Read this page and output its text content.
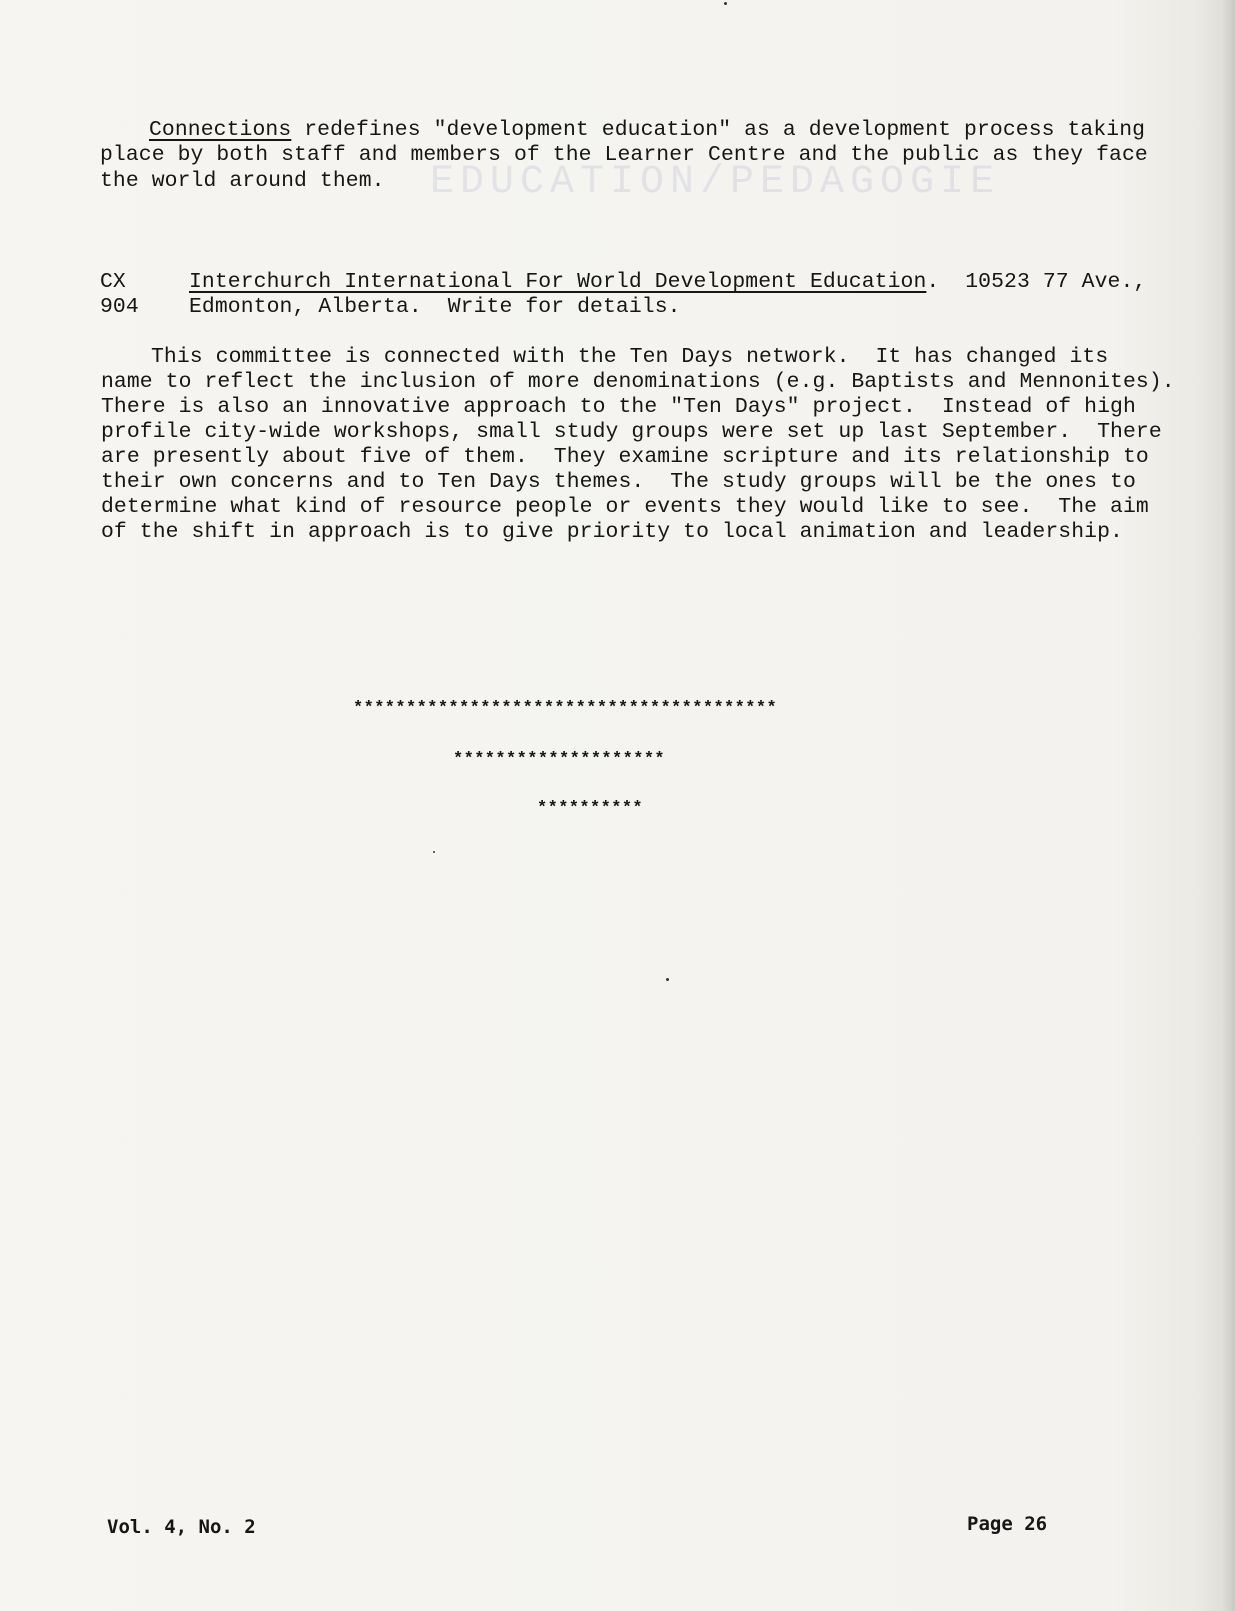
EDUCATION/PEDAGOGIE
Connections redefines "development education" as a development process taking
place by both staff and members of the Learner Centre and the public as they face
the world around them.
CX
904
Interchurch International For World Development Education.  10523 77 Ave.,
Edmonton, Alberta.  Write for details.
This committee is connected with the Ten Days network.  It has changed its
name to reflect the inclusion of more denominations (e.g. Baptists and Mennonites).
There is also an innovative approach to the "Ten Days" project.  Instead of high
profile city-wide workshops, small study groups were set up last September.  There
are presently about five of them.  They examine scripture and its relationship to
their own concerns and to Ten Days themes.  The study groups will be the ones to
determine what kind of resource people or events they would like to see.  The aim
of the shift in approach is to give priority to local animation and leadership.
****************************************
********************
**********
Vol. 4, No. 2	Page 26
